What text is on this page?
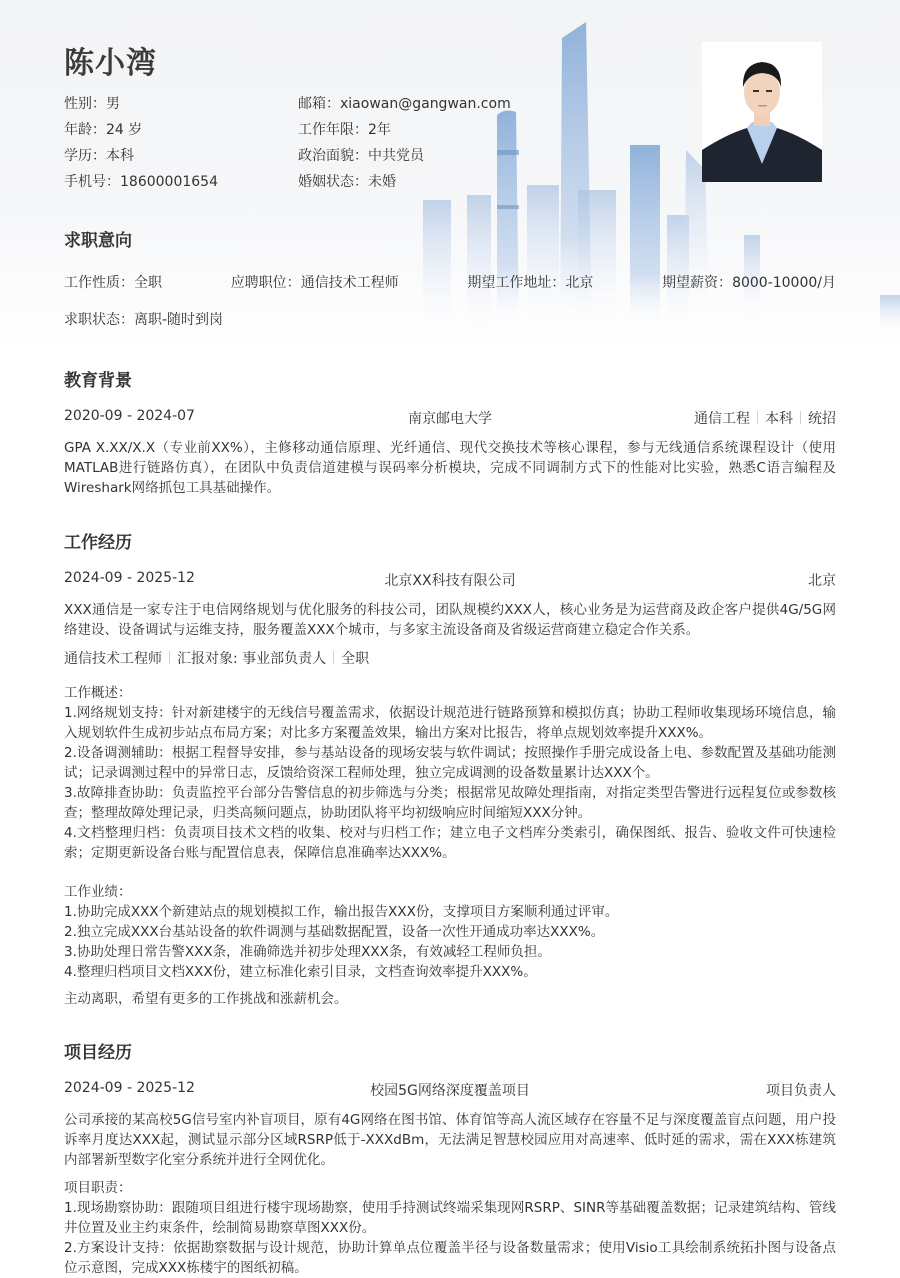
陈小湾
性别：男	邮箱：xiaowan@gangwan.com
年龄：24 岁	工作年限：2年
学历：本科	政治面貌：中共党员
手机号：18600001654	婚姻状态：未婚
求职意向
工作性质：全职	应聘职位：通信技术工程师	期望工作地址：北京	期望薪资：8000-10000/月
求职状态：离职-随时到岗
教育背景
2020-09 - 2024-07	南京邮电大学	通信工程 本科 统招
GPA X.XX/X.X（专业前XX%），主修移动通信原理、光纤通信、现代交换技术等核心课程，参与无线通信系统课程设计（使用MATLAB进行链路仿真），在团队中负责信道建模与误码率分析模块，完成不同调制方式下的性能对比实验，熟悉C语言编程及Wireshark网络抓包工具基础操作。
工作经历
2024-09 - 2025-12	北京XX科技有限公司	北京
XXX通信是一家专注于电信网络规划与优化服务的科技公司，团队规模约XXX人，核心业务是为运营商及政企客户提供4G/5G网络建设、设备调试与运维支持，服务覆盖XXX个城市，与多家主流设备商及省级运营商建立稳定合作关系。
通信技术工程师 汇报对象: 事业部负责人 全职
工作概述：
1.网络规划支持：针对新建楼宇的无线信号覆盖需求，依据设计规范进行链路预算和模拟仿真；协助工程师收集现场环境信息，输入规划软件生成初步站点布局方案；对比多方案覆盖效果，输出方案对比报告，将单点规划效率提升XXX%。
2.设备调测辅助：根据工程督导安排，参与基站设备的现场安装与软件调试；按照操作手册完成设备上电、参数配置及基础功能测试；记录调测过程中的异常日志，反馈给资深工程师处理，独立完成调测的设备数量累计达XXX个。
3.故障排查协助：负责监控平台部分告警信息的初步筛选与分类；根据常见故障处理指南，对指定类型告警进行远程复位或参数核查；整理故障处理记录，归类高频问题点，协助团队将平均初级响应时间缩短XXX分钟。
4.文档整理归档：负责项目技术文档的收集、校对与归档工作；建立电子文档库分类索引，确保图纸、报告、验收文件可快速检索；定期更新设备台账与配置信息表，保障信息准确率达XXX%。
工作业绩：
1.协助完成XXX个新建站点的规划模拟工作，输出报告XXX份，支撑项目方案顺利通过评审。
2.独立完成XXX台基站设备的软件调测与基础数据配置，设备一次性开通成功率达XXX%。
3.协助处理日常告警XXX条，准确筛选并初步处理XXX条，有效减轻工程师负担。
4.整理归档项目文档XXX份，建立标准化索引目录，文档查询效率提升XXX%。
主动离职，希望有更多的工作挑战和涨薪机会。
项目经历
2024-09 - 2025-12	校园5G网络深度覆盖项目	项目负责人
公司承接的某高校5G信号室内补盲项目，原有4G网络在图书馆、体育馆等高人流区域存在容量不足与深度覆盖盲点问题，用户投诉率月度达XXX起，测试显示部分区域RSRP低于-XXXdBm，无法满足智慧校园应用对高速率、低时延的需求，需在XXX栋建筑内部署新型数字化室分系统并进行全网优化。
项目职责：
1.现场勘察协助：跟随项目组进行楼宇现场勘察，使用手持测试终端采集现网RSRP、SINR等基础覆盖数据；记录建筑结构、管线井位置及业主约束条件，绘制简易勘察草图XXX份。
2.方案设计支持：依据勘察数据与设计规范，协助计算单点位覆盖半径与设备数量需求；使用Visio工具绘制系统拓扑图与设备点位示意图，完成XXX栋楼宇的图纸初稿。
